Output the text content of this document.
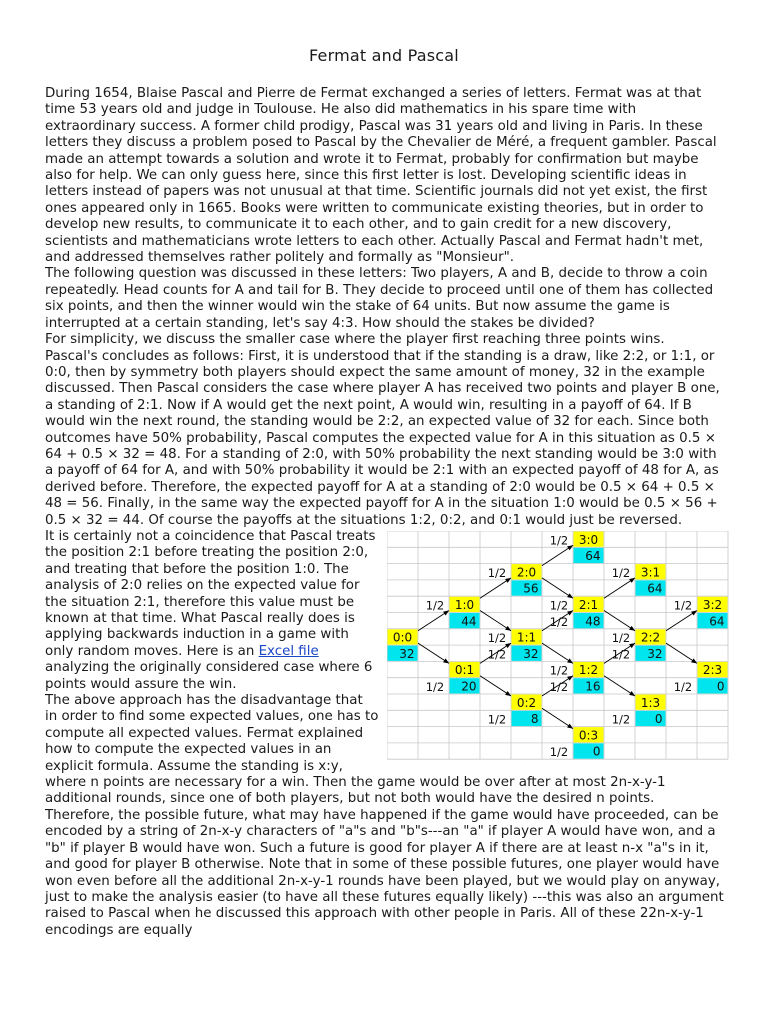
Fermat and Pascal

During 1654, Blaise Pascal and Pierre de Fermat exchanged a series of letters. Fermat was at that time 53 years old and judge in Toulouse. He also did mathematics in his spare time with extraordinary success. A former child prodigy, Pascal was 31 years old and living in Paris. In these letters they discuss a problem posed to Pascal by the Chevalier de Méré, a frequent gambler. Pascal made an attempt towards a solution and wrote it to Fermat, probably for confirmation but maybe also for help. We can only guess here, since this first letter is lost. Developing scientific ideas in letters instead of papers was not unusual at that time. Scientific journals did not yet exist, the first ones appeared only in 1665. Books were written to communicate existing theories, but in order to develop new results, to communicate it to each other, and to gain credit for a new discovery, scientists and mathematicians wrote letters to each other. Actually Pascal and Fermat hadn't met, and addressed themselves rather politely and formally as "Monsieur".

The following question was discussed in these letters: Two players, A and B, decide to throw a coin repeatedly. Head counts for A and tail for B. They decide to proceed until one of them has collected six points, and then the winner would win the stake of 64 units. But now assume the game is interrupted at a certain standing, let's say 4:3. How should the stakes be divided?

For simplicity, we discuss the smaller case where the player first reaching three points wins.

Pascal's concludes as follows: First, it is understood that if the standing is a draw, like 2:2, or 1:1, or 0:0, then by symmetry both players should expect the same amount of money, 32 in the example discussed. Then Pascal considers the case where player A has received two points and player B one, a standing of 2:1. Now if A would get the next point, A would win, resulting in a payoff of 64. If B would win the next round, the standing would be 2:2, an expected value of 32 for each. Since both outcomes have 50% probability, Pascal computes the expected value for A in this situation as 0.5 × 64 + 0.5 × 32 = 48. For a standing of 2:0, with 50% probability the next standing would be 3:0 with a payoff of 64 for A, and with 50% probability it would be 2:1 with an expected payoff of 48 for A, as derived before. Therefore, the expected payoff for A at a standing of 2:0 would be 0.5 × 64 + 0.5 × 48 = 56. Finally, in the same way the expected payoff for A in the situation 1:0 would be 0.5 × 56 + 0.5 × 32 = 44. Of course the payoffs at the situations 1:2, 0:2, and 0:1 would just be reversed.

1/2
1/2
1/2
1/2
1/2
1/2
1/2
1/2
1/2
1/2
1/2
1/2
1/2
1/2
1/2
1/2
1/2
1/2
0:0
32
1:0
44
0:1
20
2:0
56
1:1
32
0:2
8
3:0
64
2:1
48
1:2
16
0:3
0
3:1
64
2:2
32
1:3
0
3:2
64
2:3
0

It is certainly not a coincidence that Pascal treats the position 2:1 before treating the position 2:0, and treating that before the position 1:0. The analysis of 2:0 relies on the expected value for the situation 2:1, therefore this value must be known at that time. What Pascal really does is applying backwards induction in a game with only random moves. Here is an Excel file analyzing the originally considered case where 6 points would assure the win.

The above approach has the disadvantage that in order to find some expected values, one has to compute all expected values. Fermat explained how to compute the expected values in an explicit formula. Assume the standing is x:y, where n points are necessary for a win. Then the game would be over after at most 2n-x-y-1 additional rounds, since one of both players, but not both would have the desired n points. Therefore, the possible future, what may have happened if the game would have proceeded, can be encoded by a string of 2n-x-y characters of "a"s and "b"s---an "a" if player A would have won, and a "b" if player B would have won. Such a future is good for player A if there are at least n-x "a"s in it, and good for player B otherwise. Note that in some of these possible futures, one player would have won even before all the additional 2n-x-y-1 rounds have been played, but we would play on anyway, just to make the analysis easier (to have all these futures equally likely) ---this was also an argument raised to Pascal when he discussed this approach with other people in Paris. All of these 22n-x-y-1 encodings are equally
